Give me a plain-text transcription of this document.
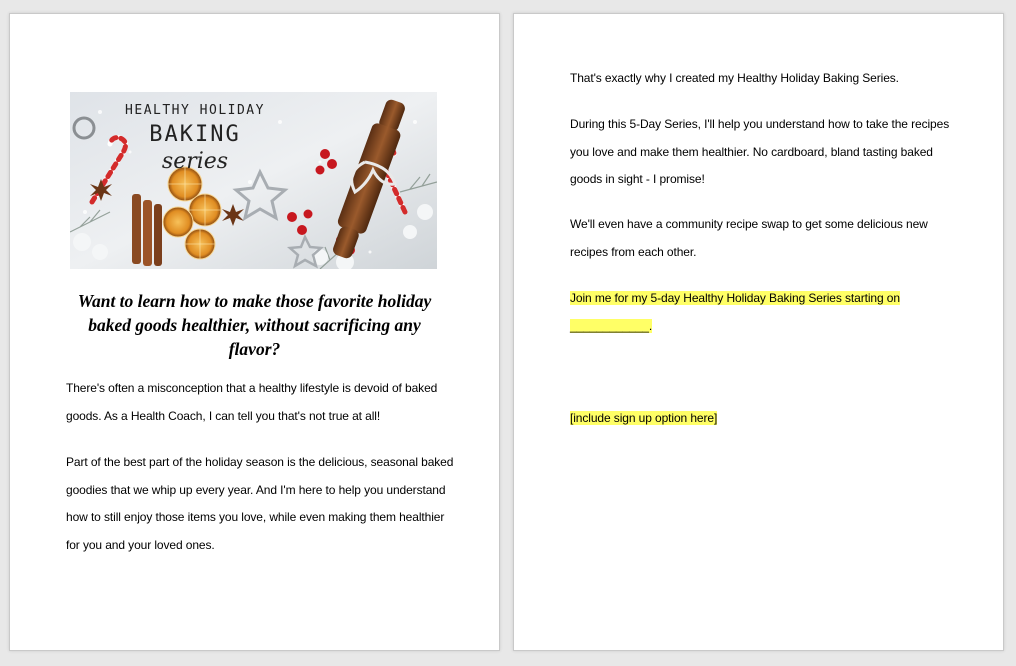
HEALTHY HOLIDAY
BAKING
series
Want to learn how to make those favorite holiday
baked goods healthier, without sacrificing any
flavor?
There's often a misconception that a healthy lifestyle is devoid of baked
goods. As a Health Coach, I can tell you that's not true at all!
Part of the best part of the holiday season is the delicious, seasonal baked
goodies that we whip up every year. And I'm here to help you understand
how to still enjoy those items you love, while even making them healthier
for you and your loved ones.
That's exactly why I created my Healthy Holiday Baking Series.
During this 5-Day Series, I'll help you understand how to take the recipes
you love and make them healthier. No cardboard, bland tasting baked
goods in sight - I promise!
We'll even have a community recipe swap to get some delicious new
recipes from each other.
Join me for my 5-day Healthy Holiday Baking Series starting on
____________.
[include sign up option here]
